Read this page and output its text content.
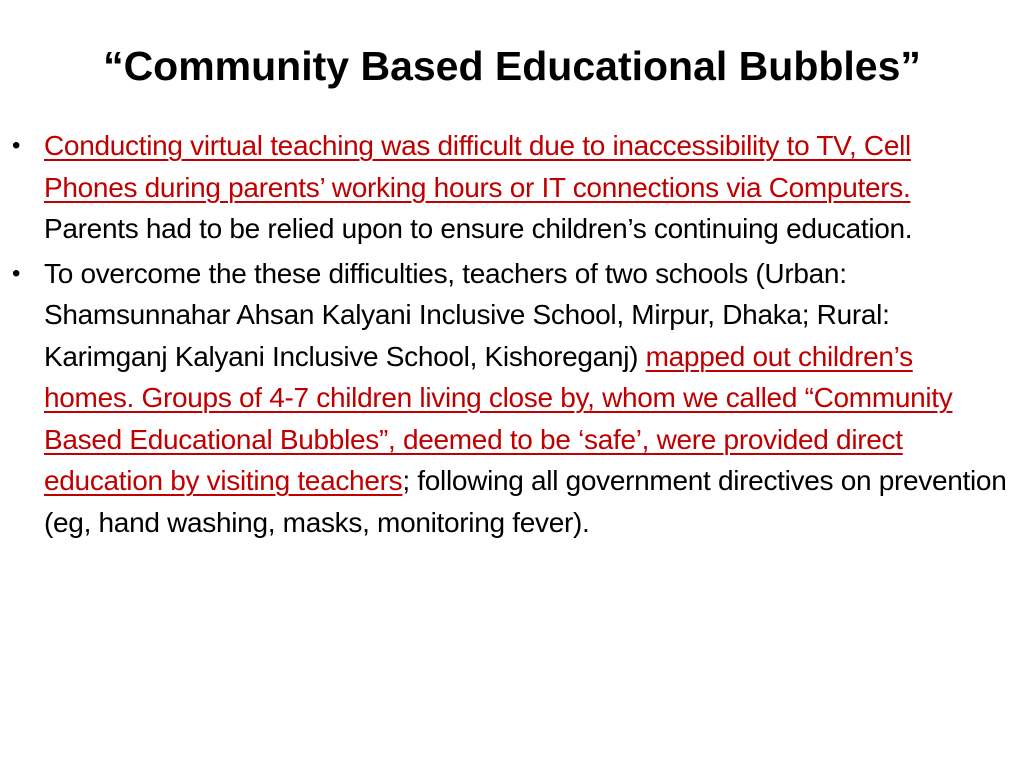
“Community Based Educational Bubbles”
• Conducting virtual teaching was difficult due to inaccessibility to TV, Cell Phones during parents’ working hours or IT connections via Computers. Parents had to be relied upon to ensure children’s continuing education.
• To overcome the these difficulties, teachers of two schools (Urban: Shamsunnahar Ahsan Kalyani Inclusive School, Mirpur, Dhaka; Rural: Karimganj Kalyani Inclusive School, Kishoreganj) mapped out children’s homes. Groups of 4-7 children living close by, whom we called “Community Based Educational Bubbles”, deemed to be ‘safe’, were provided direct education by visiting teachers; following all government directives on prevention (eg, hand washing, masks, monitoring fever).
